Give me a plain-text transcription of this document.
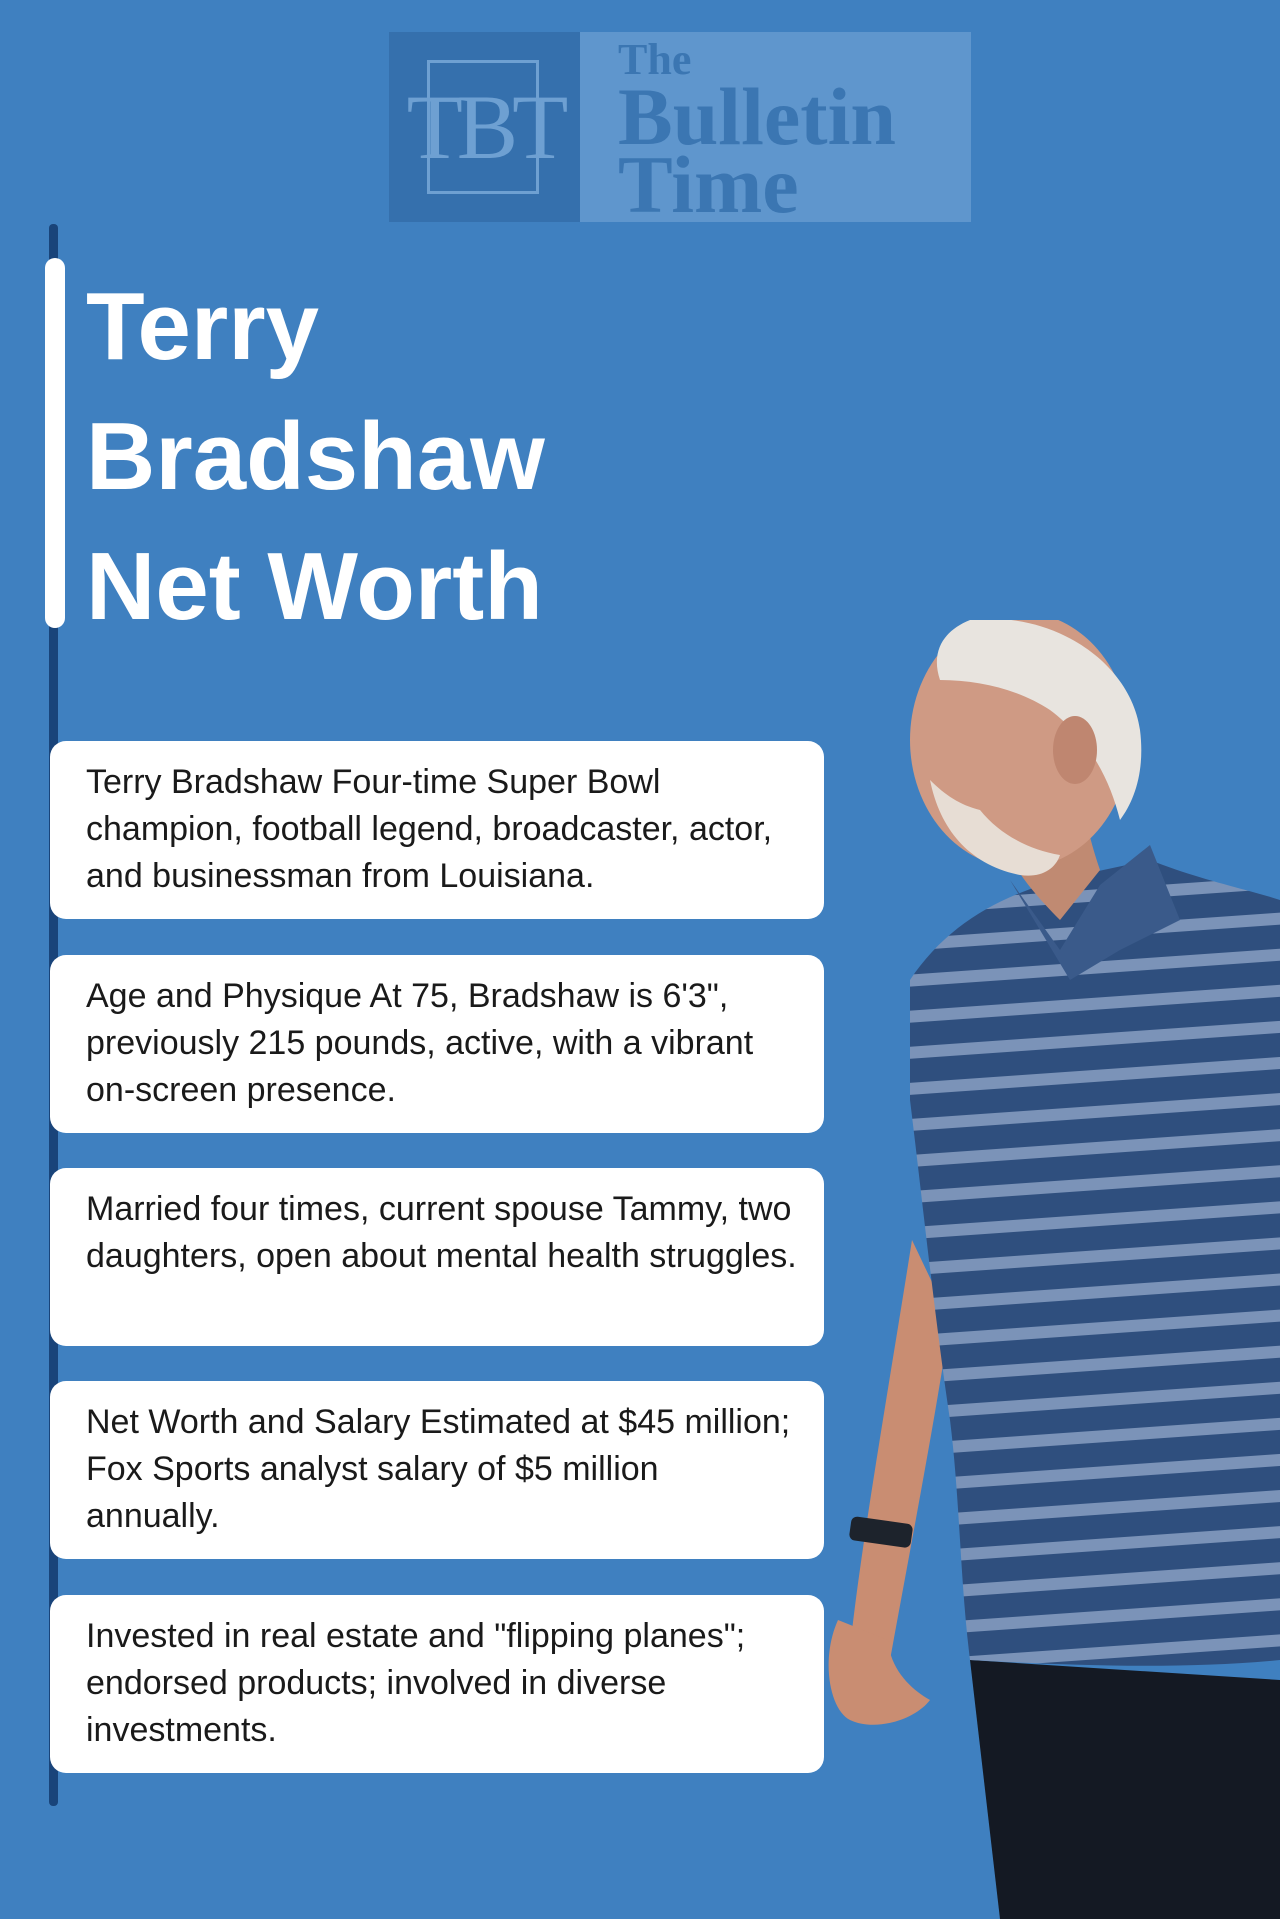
TBT
The
Bulletin
Time
Terry
Bradshaw
Net Worth
Terry Bradshaw Four-time Super Bowl champion, football legend, broadcaster, actor, and businessman from Louisiana.
Age and Physique At 75, Bradshaw is 6'3", previously 215 pounds, active, with a vibrant on-screen presence.
Married four times, current spouse Tammy, two daughters, open about mental health struggles.
Net Worth and Salary Estimated at $45 million; Fox Sports analyst salary of $5 million annually.
Invested in real estate and "flipping planes"; endorsed products; involved in diverse investments.
